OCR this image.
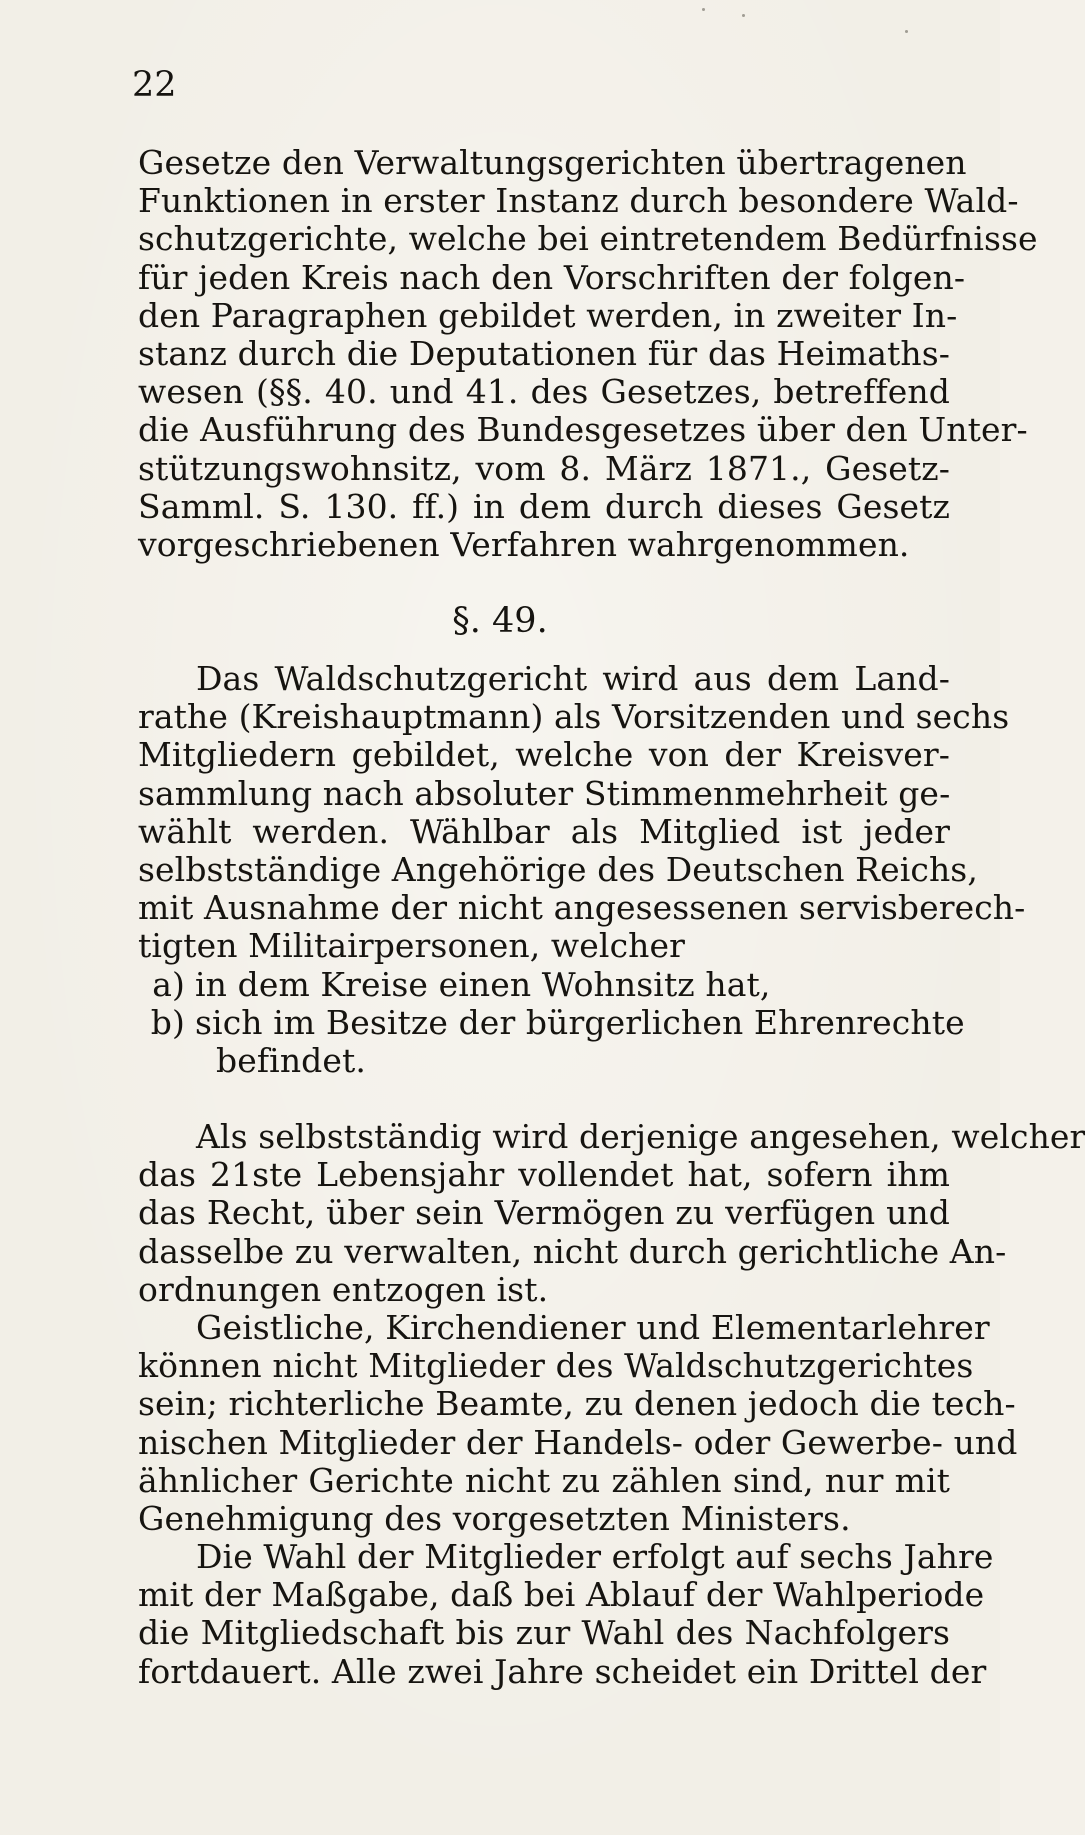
22
Gesetze den Verwaltungsgerichten übertragenen
Funktionen in erster Instanz durch besondere Wald-
schutzgerichte, welche bei eintretendem Bedürfnisse
für jeden Kreis nach den Vorschriften der folgen-
den Paragraphen gebildet werden, in zweiter In-
stanz durch die Deputationen für das Heimaths-
wesen (§§. 40. und 41. des Gesetzes, betreffend
die Ausführung des Bundesgesetzes über den Unter-
stützungswohnsitz, vom 8. März 1871., Gesetz-
Samml. S. 130. ff.) in dem durch dieses Gesetz
vorgeschriebenen Verfahren wahrgenommen.
§. 49.
Das Waldschutzgericht wird aus dem Land-
rathe (Kreishauptmann) als Vorsitzenden und sechs
Mitgliedern gebildet, welche von der Kreisver-
sammlung nach absoluter Stimmenmehrheit ge-
wählt werden. Wählbar als Mitglied ist jeder
selbstständige Angehörige des Deutschen Reichs,
mit Ausnahme der nicht angesessenen servisberech-
tigten Militairpersonen, welcher
a) in dem Kreise einen Wohnsitz hat,
b) sich im Besitze der bürgerlichen Ehrenrechte
befindet.
Als selbstständig wird derjenige angesehen, welcher
das 21ste Lebensjahr vollendet hat, sofern ihm
das Recht, über sein Vermögen zu verfügen und
dasselbe zu verwalten, nicht durch gerichtliche An-
ordnungen entzogen ist.
Geistliche, Kirchendiener und Elementarlehrer
können nicht Mitglieder des Waldschutzgerichtes
sein; richterliche Beamte, zu denen jedoch die tech-
nischen Mitglieder der Handels- oder Gewerbe- und
ähnlicher Gerichte nicht zu zählen sind, nur mit
Genehmigung des vorgesetzten Ministers.
Die Wahl der Mitglieder erfolgt auf sechs Jahre
mit der Maßgabe, daß bei Ablauf der Wahlperiode
die Mitgliedschaft bis zur Wahl des Nachfolgers
fortdauert. Alle zwei Jahre scheidet ein Drittel der
